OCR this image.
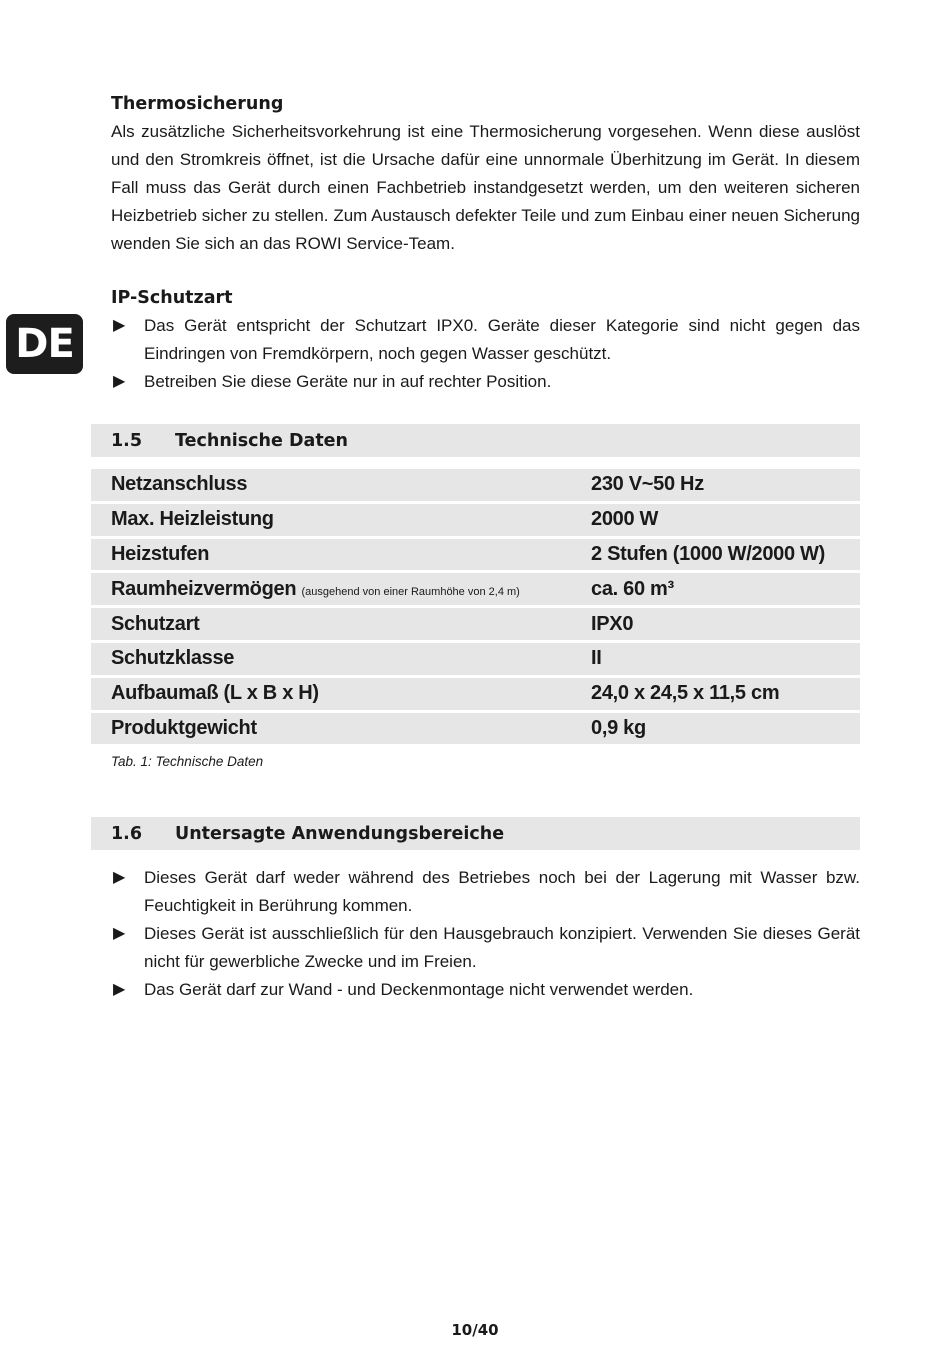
DE
Thermosicherung

Als zusätzliche Sicherheitsvorkehrung ist eine Thermosicherung vorgesehen. Wenn diese auslöst und den Stromkreis öffnet, ist die Ursache dafür eine unnormale Überhitzung im Gerät. In diesem Fall muss das Gerät durch einen Fachbetrieb instandgesetzt werden, um den weiteren sicheren Heizbetrieb sicher zu stellen. Zum Austausch defekter Teile und zum Einbau einer neuen Sicherung wenden Sie sich an das ROWI Service-Team.

IP-Schutzart
▶ Das Gerät entspricht der Schutzart IPX0. Geräte dieser Kategorie sind nicht gegen das Eindringen von Fremdkörpern, noch gegen Wasser geschützt.
▶ Betreiben Sie diese Geräte nur in auf rechter Position.
1.5 Technische Daten
Netzanschluss	230 V~50 Hz
Max. Heizleistung	2000 W
Heizstufen	2 Stufen (1000 W/2000 W)
Raumheizvermögen (ausgehend von einer Raumhöhe von 2,4 m)	ca. 60 m³
Schutzart	IPX0
Schutzklasse	II
Aufbaumaß (L x B x H)	24,0 x 24,5 x 11,5 cm
Produktgewicht	0,9 kg
Tab. 1: Technische Daten
1.6 Untersagte Anwendungsbereiche
▶ Dieses Gerät darf weder während des Betriebes noch bei der Lagerung mit Wasser bzw. Feuchtigkeit in Berührung kommen.
▶ Dieses Gerät ist ausschließlich für den Hausgebrauch konzipiert. Verwenden Sie dieses Gerät nicht für gewerbliche Zwecke und im Freien.
▶ Das Gerät darf zur Wand - und Deckenmontage nicht verwendet werden.
10/40
